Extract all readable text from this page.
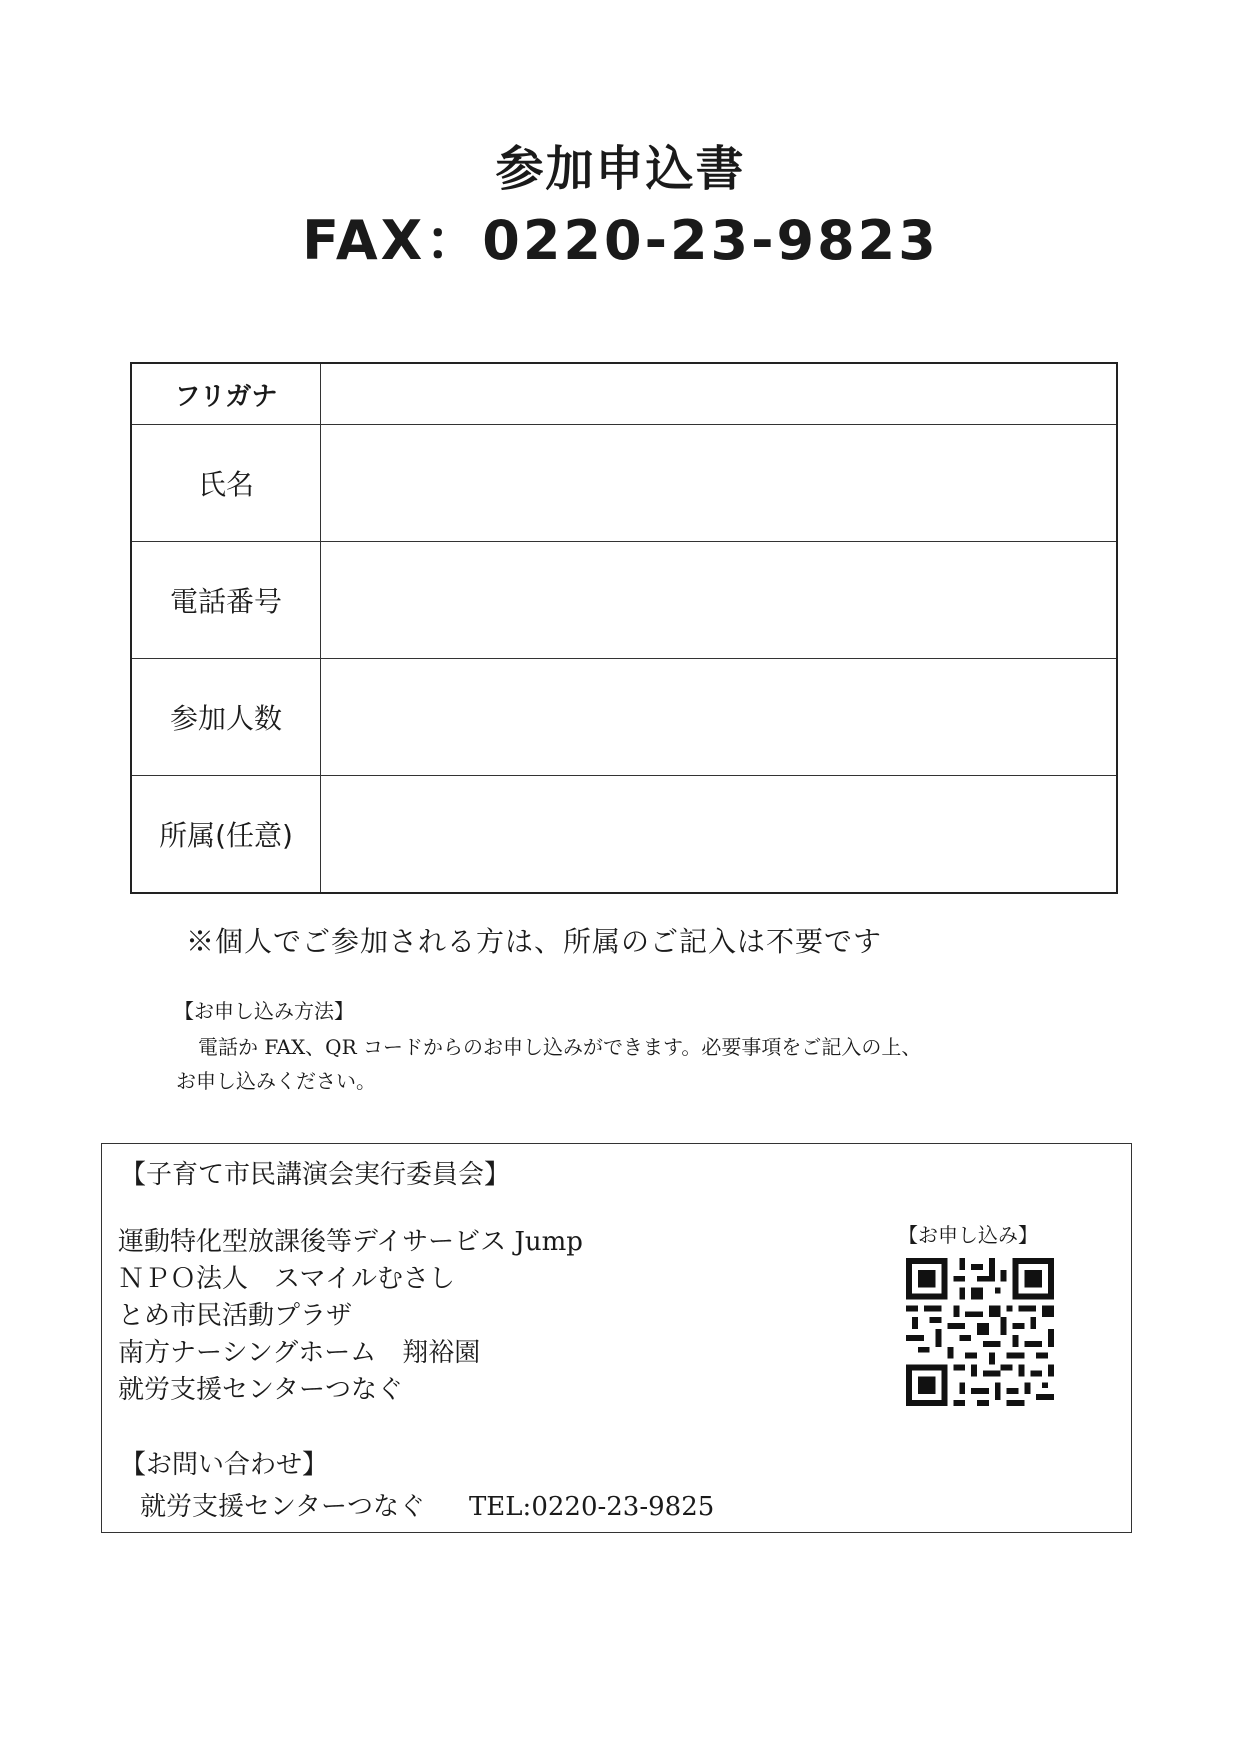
参加申込書
FAX：0220-23-9823
フリガナ	
氏名	
電話番号	
参加人数	
所属(任意)	
※個人でご参加される方は、所属のご記入は不要です
【お申し込み方法】
電話か FAX、QR コードからのお申し込みができます。必要事項をご記入の上、
お申し込みください。
【子育て市民講演会実行委員会】
運動特化型放課後等デイサービス Jump
ＮＰＯ法人　スマイルむさし
とめ市民活動プラザ
南方ナーシングホーム　翔裕園
就労支援センターつなぐ
【お申し込み】
【お問い合わせ】
就労支援センターつなぐ TEL:0220-23-9825
